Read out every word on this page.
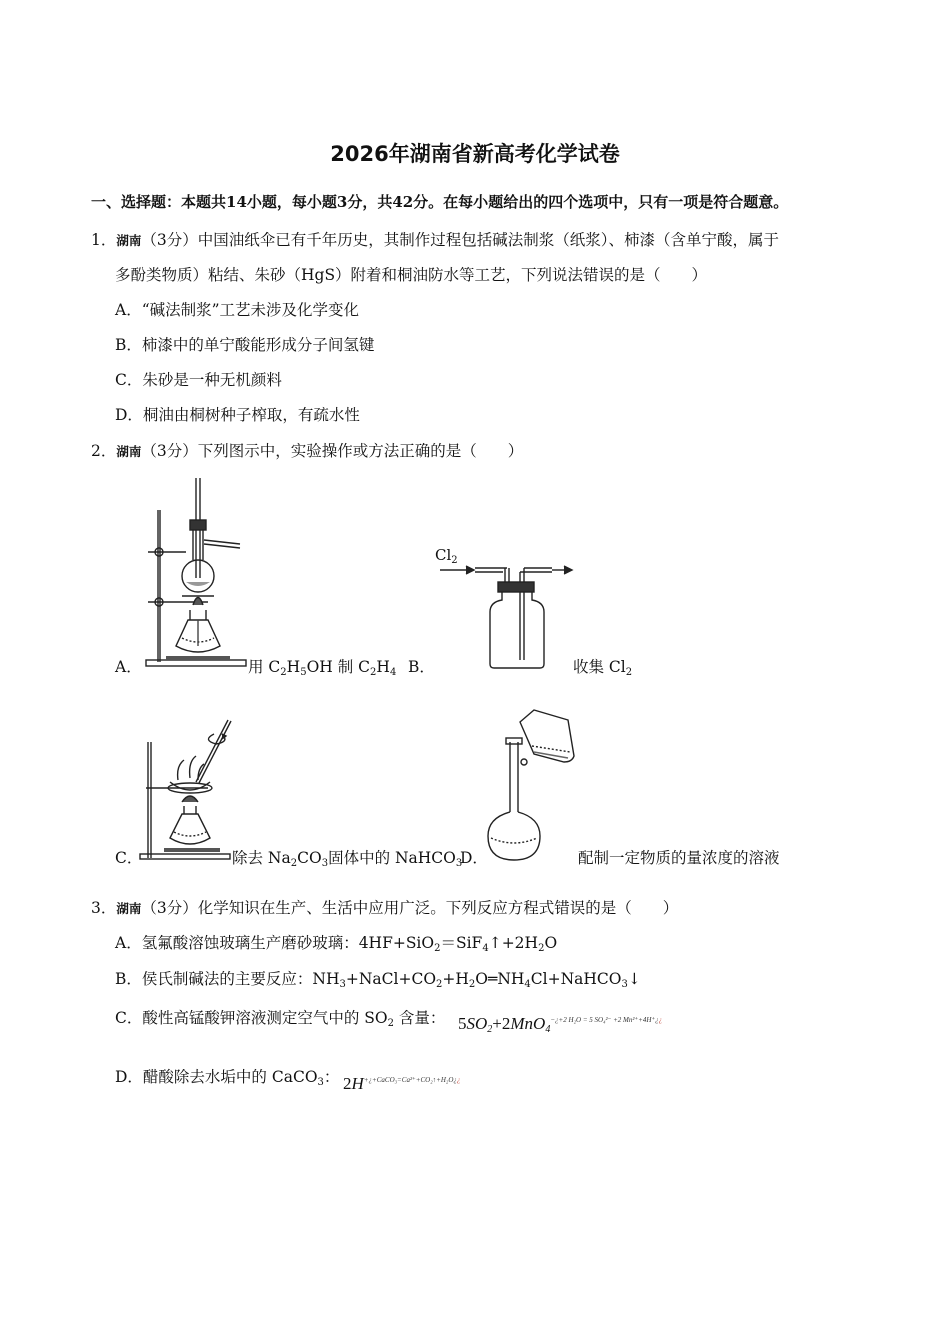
2026年湖南省新高考化学试卷
一、选择题：本题共14小题，每小题3分，共42分。在每小题给出的四个选项中，只有一项是符合题意。
1．湖南（3分）中国油纸伞已有千年历史，其制作过程包括碱法制浆（纸浆）、柿漆（含单宁酸，属于
多酚类物质）粘结、朱砂（HgS）附着和桐油防水等工艺，下列说法错误的是（　　）
A．“碱法制浆”工艺未涉及化学变化
B．柿漆中的单宁酸能形成分子间氢键
C．朱砂是一种无机颜料
D．桐油由桐树种子榨取，有疏水性
2．湖南（3分）下列图示中，实验操作或方法正确的是（　　）
A．	用 $C_2H_5OH$ 制 $C_2H_4$ B．
$Cl_2$
收集 $Cl_2$
C．	除去 $Na_2CO_3$固体中的 NaHCO$_3$
D．	配制一定物质的量浓度的溶液
3．湖南（3分）化学知识在生产、生活中应用广泛。下列反应方程式错误的是（　　）
A．氢氟酸溶蚀玻璃生产磨砂玻璃：$4HF+SiO_2=SiF_4↑+2H_2O$
B．侯氏制碱法的主要反应：$NH_3+NaCl+CO_2+H_2O═NH_4Cl+NaHCO_3↓$
C．酸性高锰酸钾溶液测定空气中的 $SO_2$ 含量： $5SO_2+2MnO_4^{-¿+2 H_2O = 5 SO_4^{2-} +2 Mn^{2+}+4H^+¿¿}$
D．醋酸除去水垢中的 CaCO$_3$： $2H^{+¿+CaCO_3=Ca^{2+}+CO_2↑+H_2O¿¿}$
